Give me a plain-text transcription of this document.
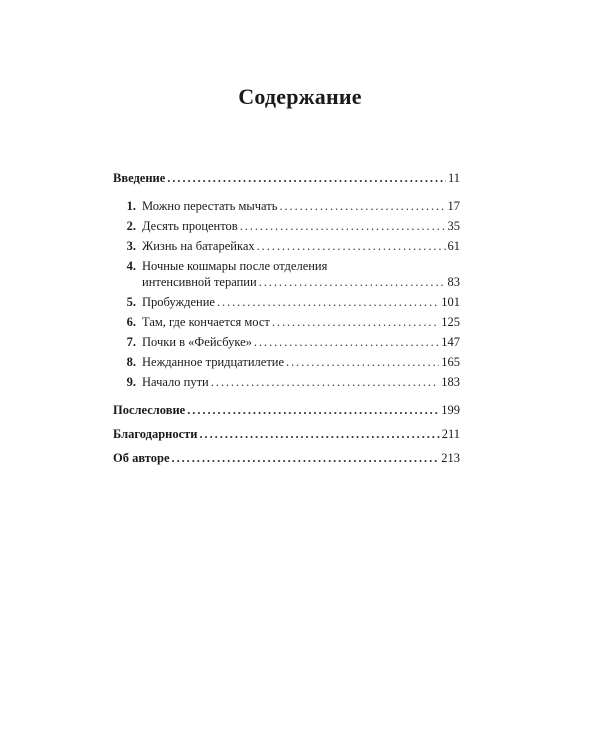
Содержание
Введение . . .	11
1. Можно перестать мычать . . .	17
2. Десять процентов . . .	35
3. Жизнь на батарейках . . .	61
4. Ночные кошмары после отделения
интенсивной терапии . . .	83
5. Пробуждение . . .	101
6. Там, где кончается мост . . .	125
7. Почки в «Фейсбуке» . . .	147
8. Нежданное тридцатилетие . . .	165
9. Начало пути . . .	183
Послесловие . . .	199
Благодарности . . .	211
Об авторе . . .	213
